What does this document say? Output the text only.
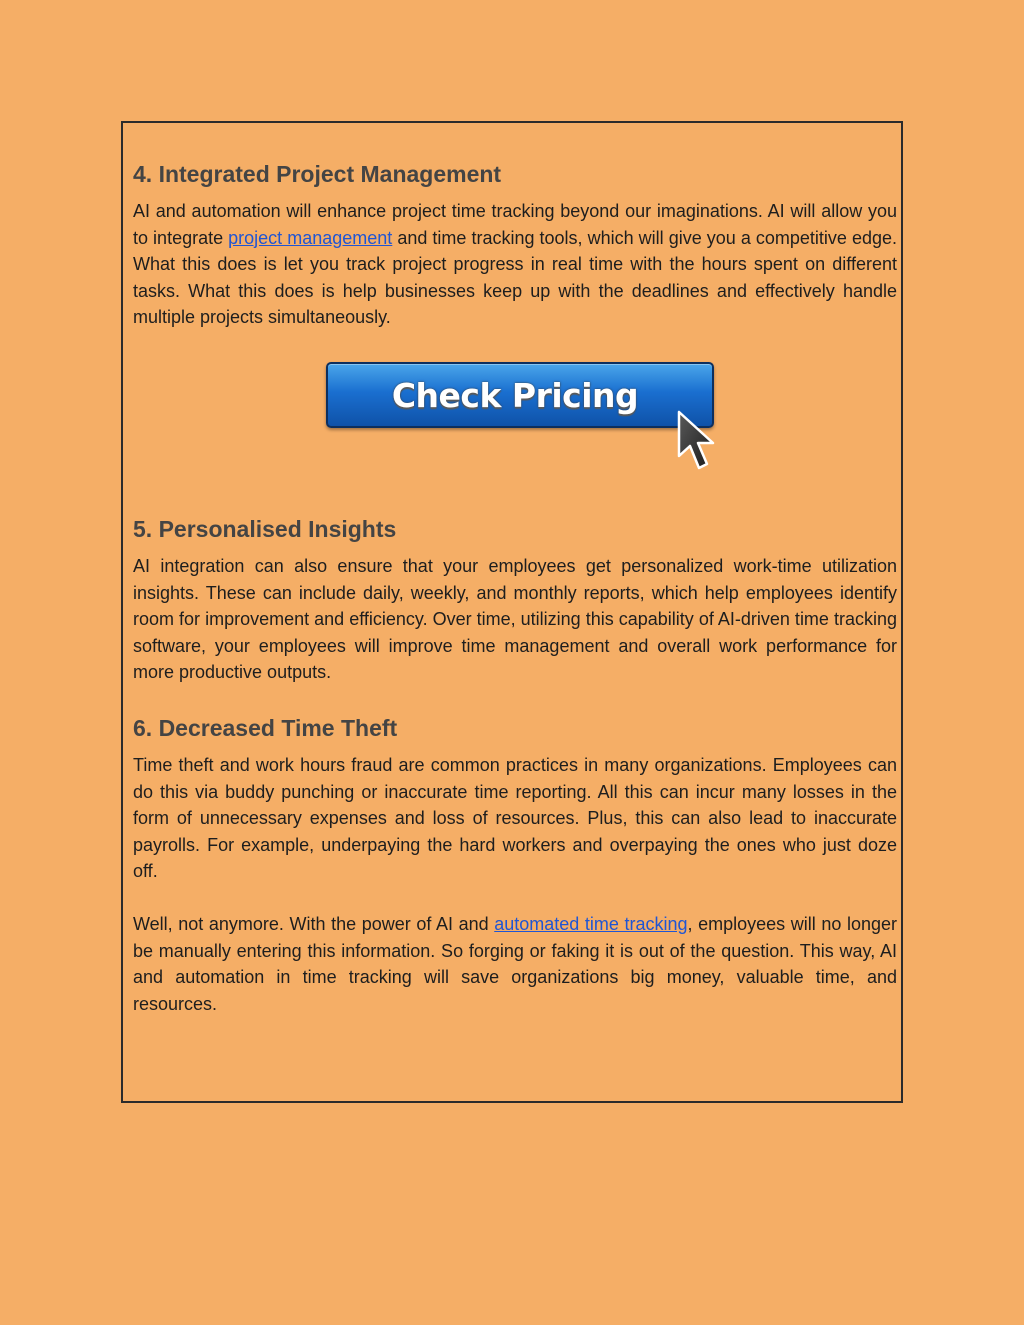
4. Integrated Project Management

AI and automation will enhance project time tracking beyond our imaginations. AI will allow you to integrate project management and time tracking tools, which will give you a competitive edge. What this does is let you track project progress in real time with the hours spent on different tasks. What this does is help businesses keep up with the deadlines and effectively handle multiple projects simultaneously.

Check Pricing
5. Personalised Insights

AI integration can also ensure that your employees get personalized work-time utilization insights. These can include daily, weekly, and monthly reports, which help employees identify room for improvement and efficiency. Over time, utilizing this capability of AI-driven time tracking software, your employees will improve time management and overall work performance for more productive outputs.

6. Decreased Time Theft

Time theft and work hours fraud are common practices in many organizations. Employees can do this via buddy punching or inaccurate time reporting. All this can incur many losses in the form of unnecessary expenses and loss of resources. Plus, this can also lead to inaccurate payrolls. For example, underpaying the hard workers and overpaying the ones who just doze off.

Well, not anymore. With the power of AI and automated time tracking, employees will no longer be manually entering this information. So forging or faking it is out of the question. This way, AI and automation in time tracking will save organizations big money, valuable time, and resources.
